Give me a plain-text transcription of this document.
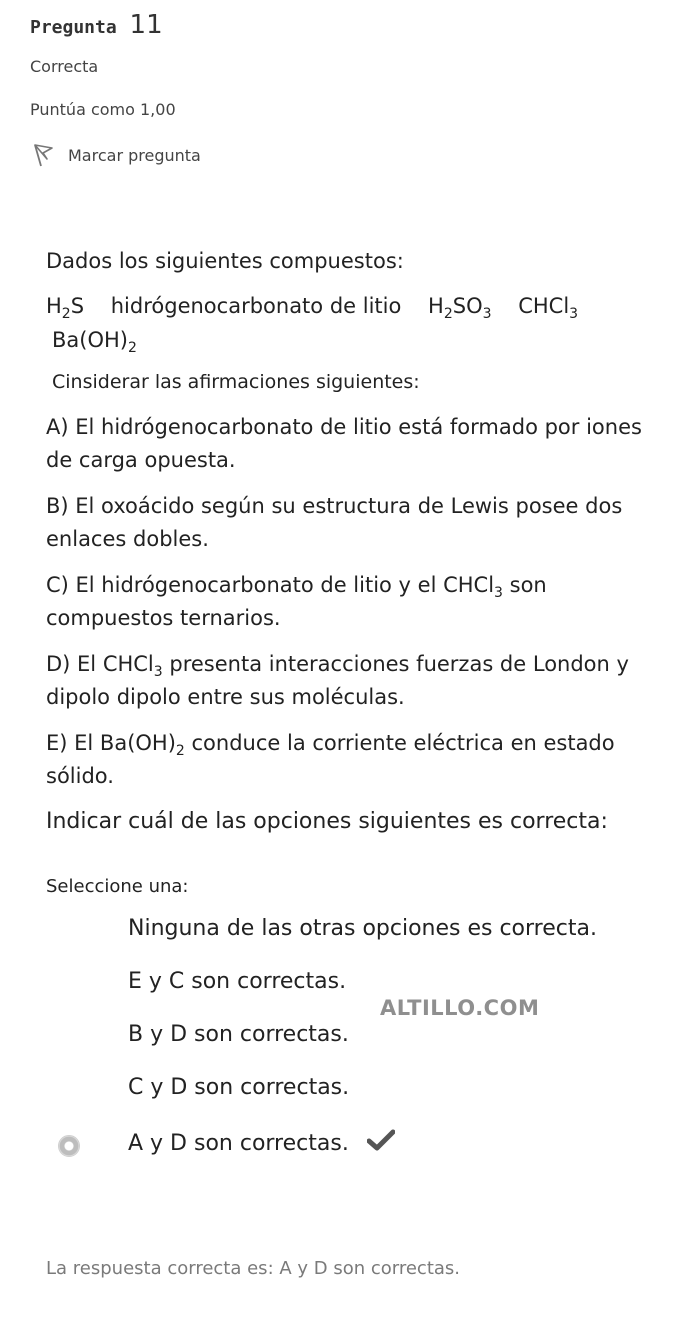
Pregunta 11
Correcta
Puntúa como 1,00
Marcar pregunta
Dados los siguientes compuestos:
$H_2S$ hidrógenocarbonato de litio $H_2SO_3$ CHCl$_3$
$Ba(OH)_2$
Cinsiderar las afirmaciones siguientes:
A) El hidrógenocarbonato de litio está formado por iones de carga opuesta.
B) El oxoácido según su estructura de Lewis posee dos enlaces dobles.
C) El hidrógenocarbonato de litio y el CHCl$_3$ son compuestos ternarios.
D) El CHCl$_3$ presenta interacciones fuerzas de London y dipolo dipolo entre sus moléculas.
E) El $Ba(OH)_2$ conduce la corriente eléctrica en estado sólido.
Indicar cuál de las opciones siguientes es correcta:
Seleccione una:
Ninguna de las otras opciones es correcta.
E y C son correctas.
B y D son correctas.
C y D son correctas.
A y D son correctas.
ALTILLO.COM
La respuesta correcta es: A y D son correctas.
